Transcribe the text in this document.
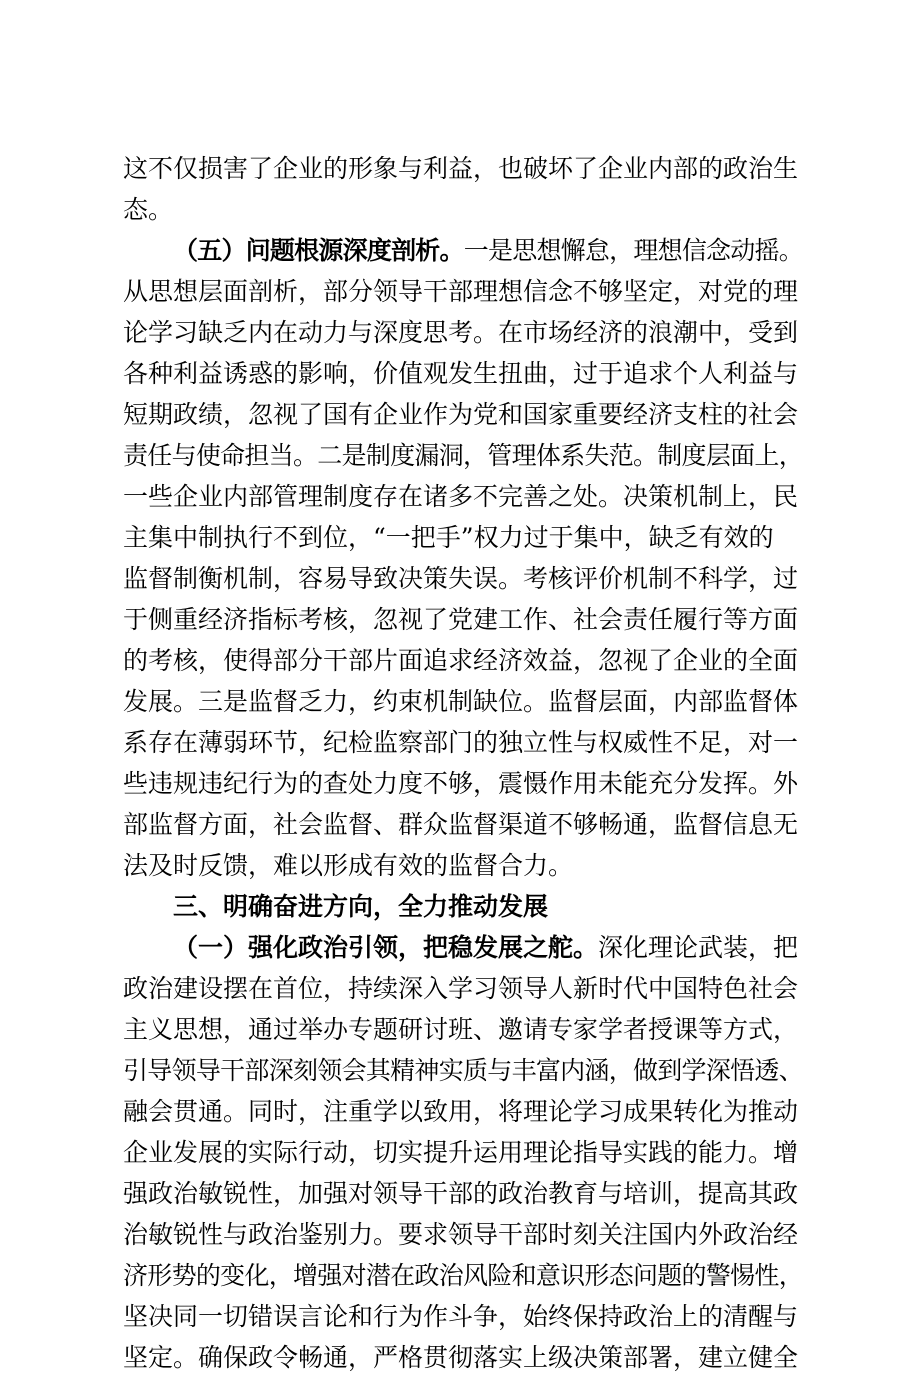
这不仅损害了企业的形象与利益，也破坏了企业内部的政治生
态。
（五）问题根源深度剖析。一是思想懈怠，理想信念动摇。
从思想层面剖析，部分领导干部理想信念不够坚定，对党的理
论学习缺乏内在动力与深度思考。在市场经济的浪潮中，受到
各种利益诱惑的影响，价值观发生扭曲，过于追求个人利益与
短期政绩，忽视了国有企业作为党和国家重要经济支柱的社会
责任与使命担当。二是制度漏洞，管理体系失范。制度层面上，
一些企业内部管理制度存在诸多不完善之处。决策机制上，民
主集中制执行不到位，“一把手”权力过于集中，缺乏有效的
监督制衡机制，容易导致决策失误。考核评价机制不科学，过
于侧重经济指标考核，忽视了党建工作、社会责任履行等方面
的考核，使得部分干部片面追求经济效益，忽视了企业的全面
发展。三是监督乏力，约束机制缺位。监督层面，内部监督体
系存在薄弱环节，纪检监察部门的独立性与权威性不足，对一
些违规违纪行为的查处力度不够，震慑作用未能充分发挥。外
部监督方面，社会监督、群众监督渠道不够畅通，监督信息无
法及时反馈，难以形成有效的监督合力。
三、明确奋进方向，全力推动发展
（一）强化政治引领，把稳发展之舵。深化理论武装，把
政治建设摆在首位，持续深入学习领导人新时代中国特色社会
主义思想，通过举办专题研讨班、邀请专家学者授课等方式，
引导领导干部深刻领会其精神实质与丰富内涵，做到学深悟透、
融会贯通。同时，注重学以致用，将理论学习成果转化为推动
企业发展的实际行动，切实提升运用理论指导实践的能力。增
强政治敏锐性，加强对领导干部的政治教育与培训，提高其政
治敏锐性与政治鉴别力。要求领导干部时刻关注国内外政治经
济形势的变化，增强对潜在政治风险和意识形态问题的警惕性，
坚决同一切错误言论和行为作斗争，始终保持政治上的清醒与
坚定。确保政令畅通，严格贯彻落实上级决策部署，建立健全
